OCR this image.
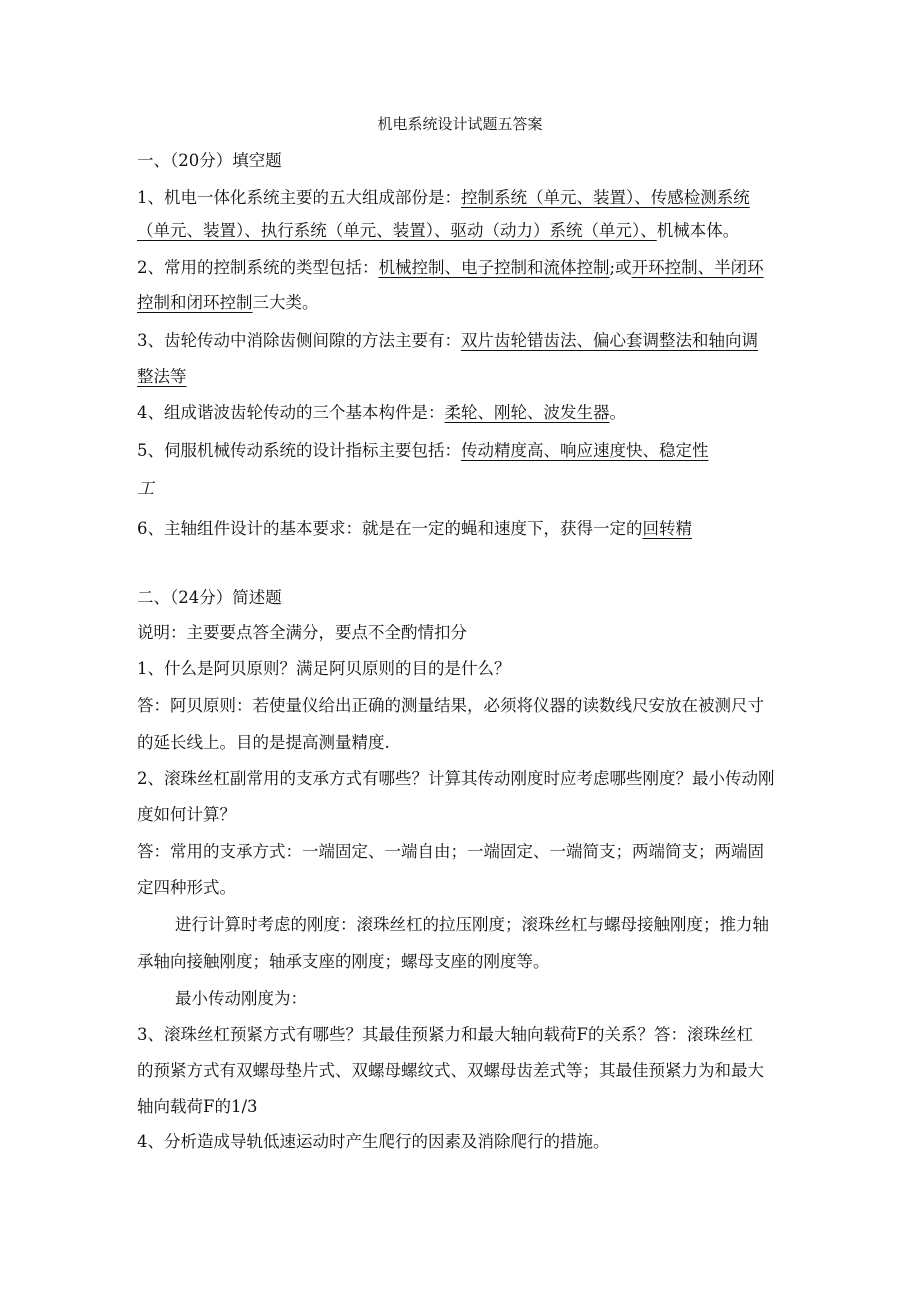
机电系统设计试题五答案
一、（20分）填空题
1、机电一体化系统主要的五大组成部份是：控制系统（单元、装置）、传感检测系统
（单元、装置）、执行系统（单元、装置）、驱动（动力）系统（单元）、机械本体。
2、常用的控制系统的类型包括：机械控制、电子控制和流体控制;或开环控制、半闭环
控制和闭环控制三大类。
3、齿轮传动中消除齿侧间隙的方法主要有：双片齿轮错齿法、偏心套调整法和轴向调
整法等
4、组成谐波齿轮传动的三个基本构件是：柔轮、刚轮、波发生器。
5、伺服机械传动系统的设计指标主要包括：传动精度高、响应速度快、稳定性
工
6、主轴组件设计的基本要求：就是在一定的蝇和速度下，获得一定的回转精
二、（24分）简述题
说明：主要要点答全满分，要点不全酌情扣分
1、什么是阿贝原则？满足阿贝原则的目的是什么？
答：阿贝原则：若使量仪给出正确的测量结果，必须将仪器的读数线尺安放在被测尺寸
的延长线上。目的是提高测量精度.
2、滚珠丝杠副常用的支承方式有哪些？计算其传动刚度时应考虑哪些刚度？最小传动刚
度如何计算？
答：常用的支承方式：一端固定、一端自由；一端固定、一端简支；两端简支；两端固
定四种形式。
进行计算时考虑的刚度：滚珠丝杠的拉压刚度；滚珠丝杠与螺母接触刚度；推力轴
承轴向接触刚度；轴承支座的刚度；螺母支座的刚度等。
最小传动刚度为：
3、滚珠丝杠预紧方式有哪些？其最佳预紧力和最大轴向载荷F的关系？答：滚珠丝杠
的预紧方式有双螺母垫片式、双螺母螺纹式、双螺母齿差式等；其最佳预紧力为和最大
轴向载荷F的1/3
4、分析造成导轨低速运动时产生爬行的因素及消除爬行的措施。
